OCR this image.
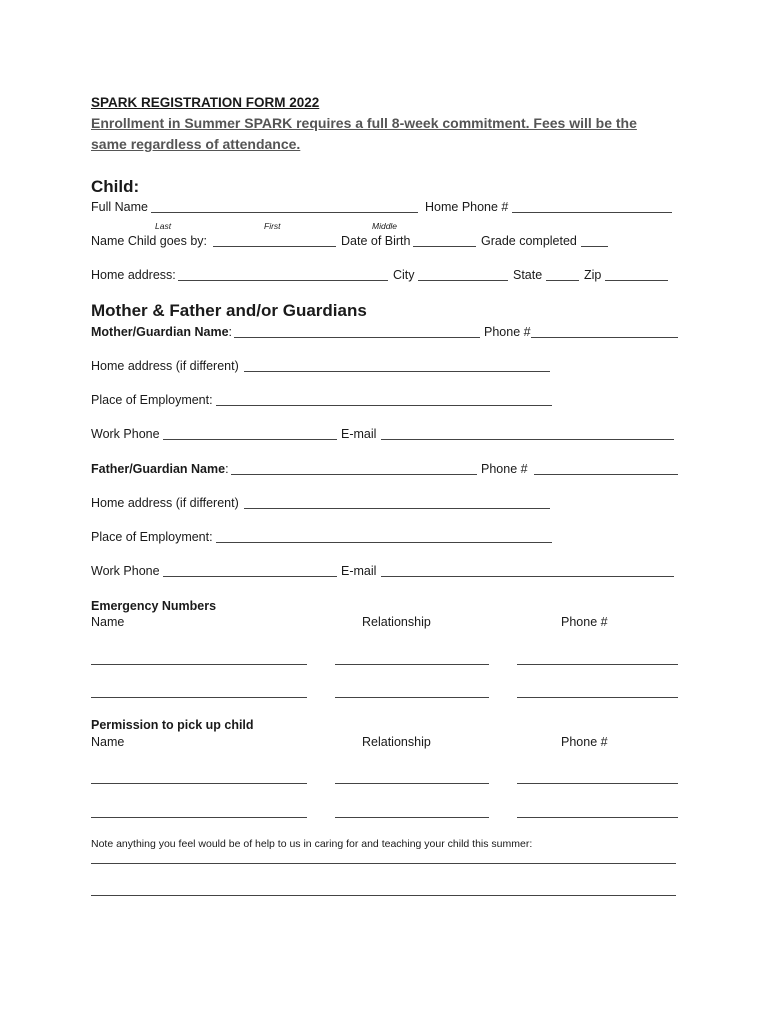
SPARK REGISTRATION FORM 2022
Enrollment in Summer SPARK requires a full 8-week commitment. Fees will be the
same regardless of attendance.
Child:
Full Name	Home Phone #
Last	First	Middle
Name Child goes by:	Date of Birth	Grade completed
Home address:	City	State	Zip
Mother & Father and/or Guardians
Mother/Guardian Name:	Phone #
Home address (if different)
Place of Employment:
Work Phone	E-mail
Father/Guardian Name:	Phone #
Home address (if different)
Place of Employment:
Work Phone	E-mail
Emergency Numbers
Name	Relationship	Phone #
Permission to pick up child
Name	Relationship	Phone #
Note anything you feel would be of help to us in caring for and teaching your child this summer:
